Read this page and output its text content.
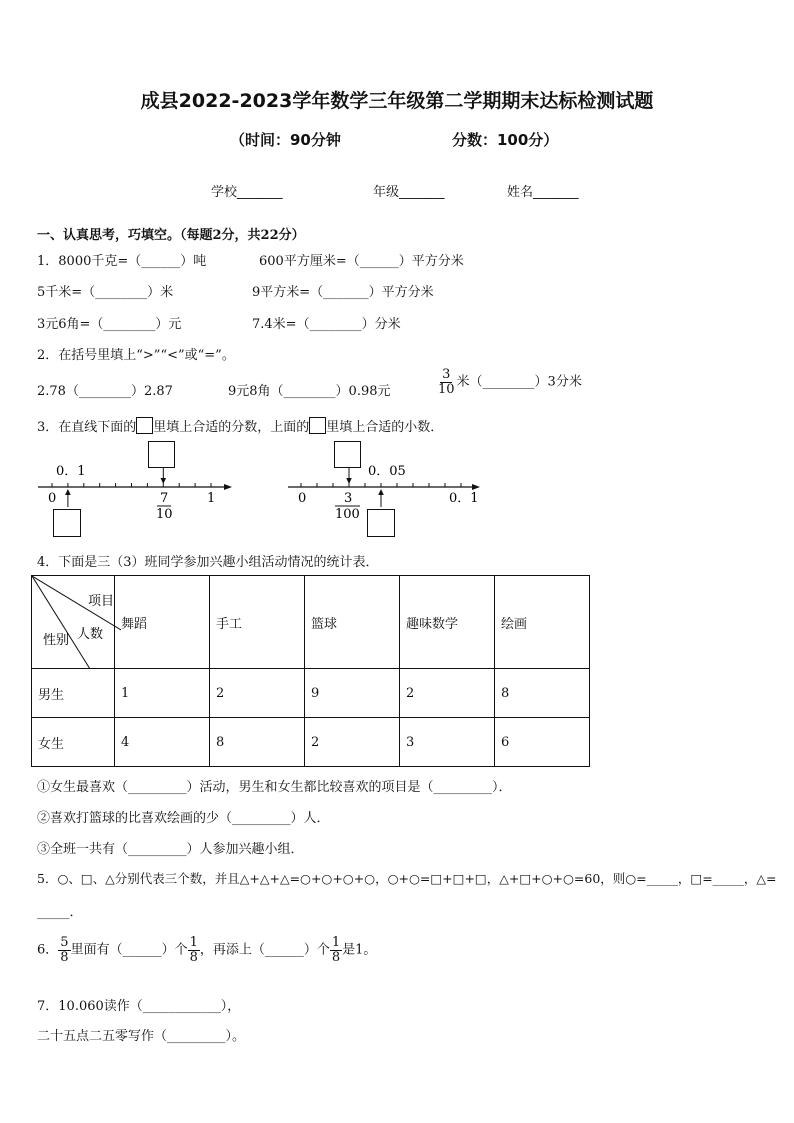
成县2022-2023学年数学三年级第二学期期末达标检测试题
（时间：90分钟	分数：100分）
学校_______	年级_______	姓名_______
一、认真思考，巧填空。（每题2分，共22分）
1．8000千克=（______）吨	600平方厘米=（______）平方分米
5千米=（________）米	9平方米=（_______）平方分米
3元6角=（________）元	7.4米=（________）分米
2．在括号里填上“>”“<”或“=”。
2.78（________）2.87	9元8角（________）0.98元	$\frac{3}{10}$ 米（________）3分米
3．在直线下面的 里填上合适的分数，上面的 里填上合适的小数．
0．1
0	1
7
10
0．05
0	0．1
3
100
4．下面是三（3）班同学参加兴趣小组活动情况的统计表．
项目
人数
性别	舞蹈	手工	篮球	趣味数学	绘画
男生	1	2	9	2	8
女生	4	8	2	3	6
①女生最喜欢（_________）活动，男生和女生都比较喜欢的项目是（_________）．
②喜欢打篮球的比喜欢绘画的少（_________）人．
③全班一共有（_________）人参加兴趣小组．
5．○、□、△分别代表三个数，并且△+△+△=○+○+○+○，○+○=□+□+□，△+□+○+○=60，则○=_____，□=_____，△=
_____．
6． $\frac{5}{8}$ 里面有（______）个 $\frac{1}{8}$ ，再添上（______）个 $\frac{1}{8}$ 是1。
7．10.060读作（____________），
二十五点二五零写作（_________）。
